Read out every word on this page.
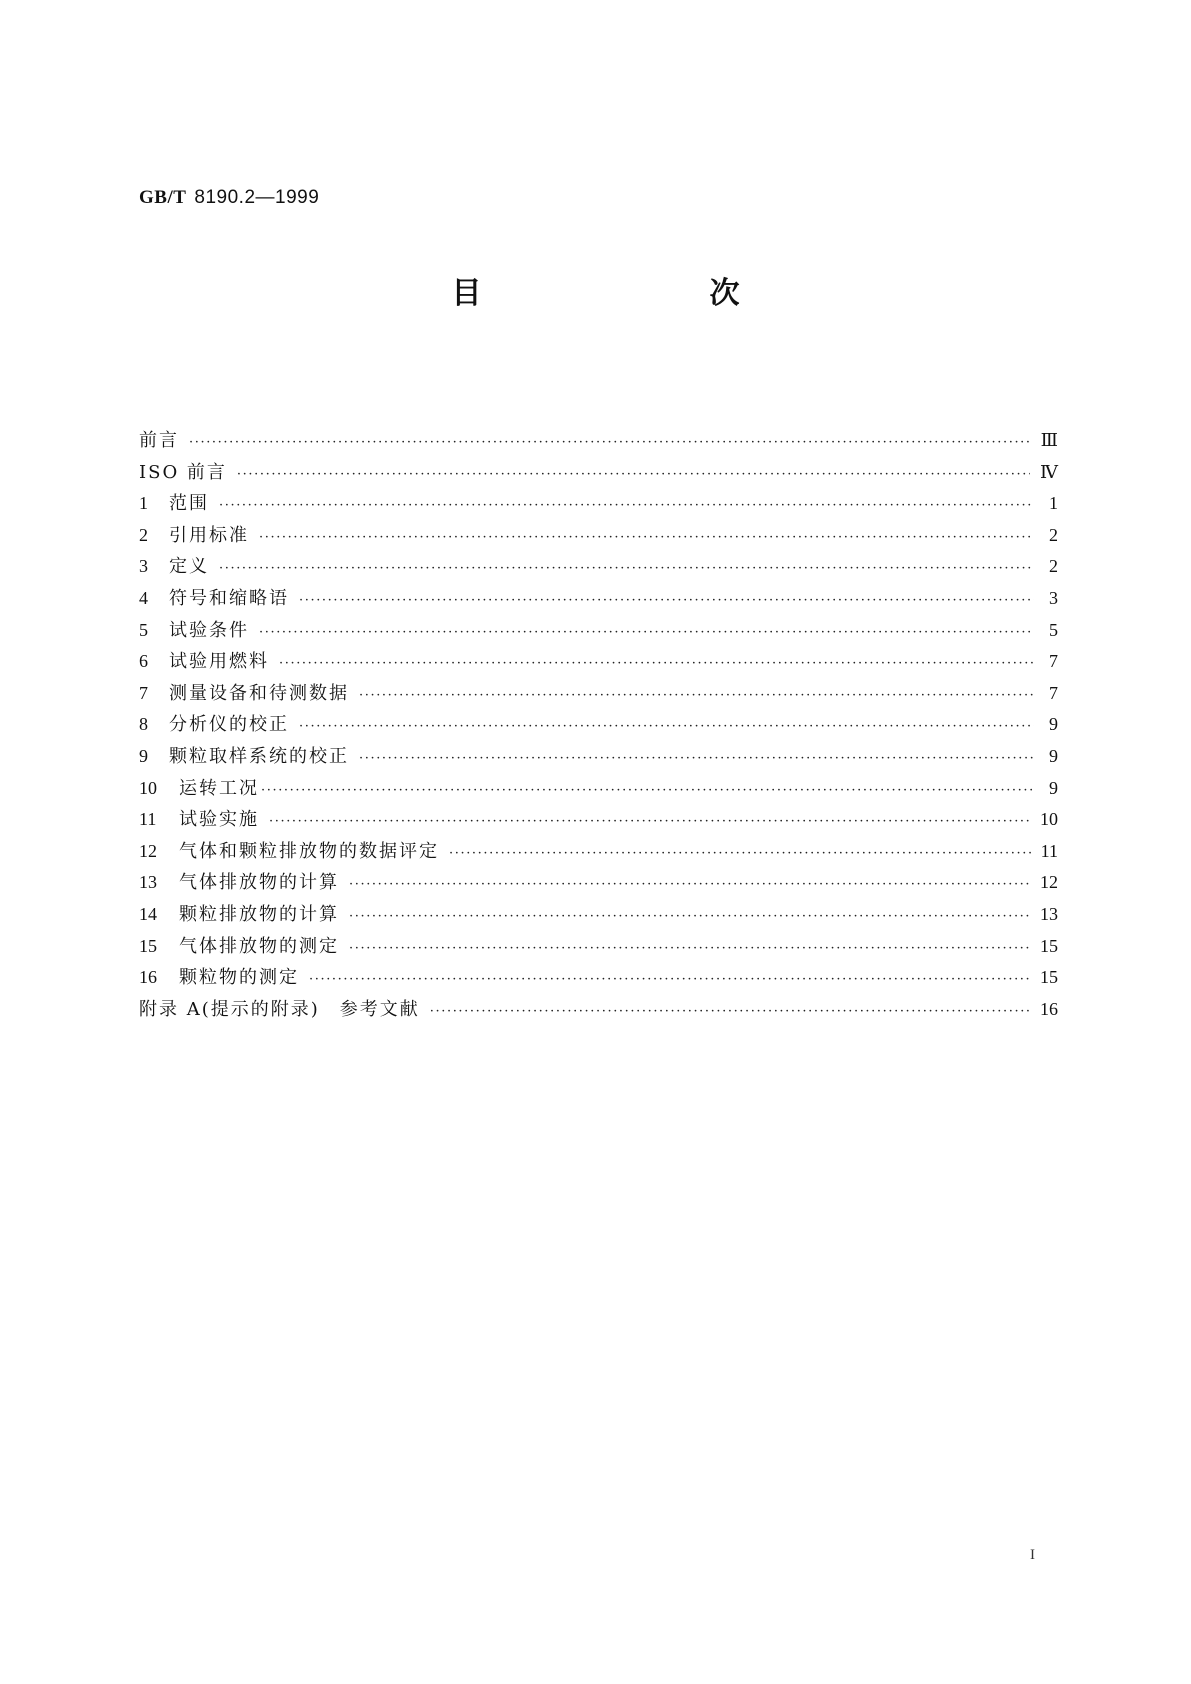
GB/T 8190.2—1999
目　　次
前言 ·····	Ⅲ
ISO 前言 ·····	Ⅳ
1	范围 ·····	1
2	引用标准 ·····	2
3	定义 ·····	2
4	符号和缩略语 ·····	3
5	试验条件 ·····	5
6	试验用燃料 ·····	7
7	测量设备和待测数据 ·····	7
8	分析仪的校正 ·····	9
9	颗粒取样系统的校正 ·····	9
10	运转工况 ·····	9
11	试验实施 ·····	10
12	气体和颗粒排放物的数据评定 ·····	11
13	气体排放物的计算 ·····	12
14	颗粒排放物的计算 ·····	13
15	气体排放物的测定 ·····	15
16	颗粒物的测定 ·····	15
附录 A(提示的附录)　参考文献 ·····	16
I
